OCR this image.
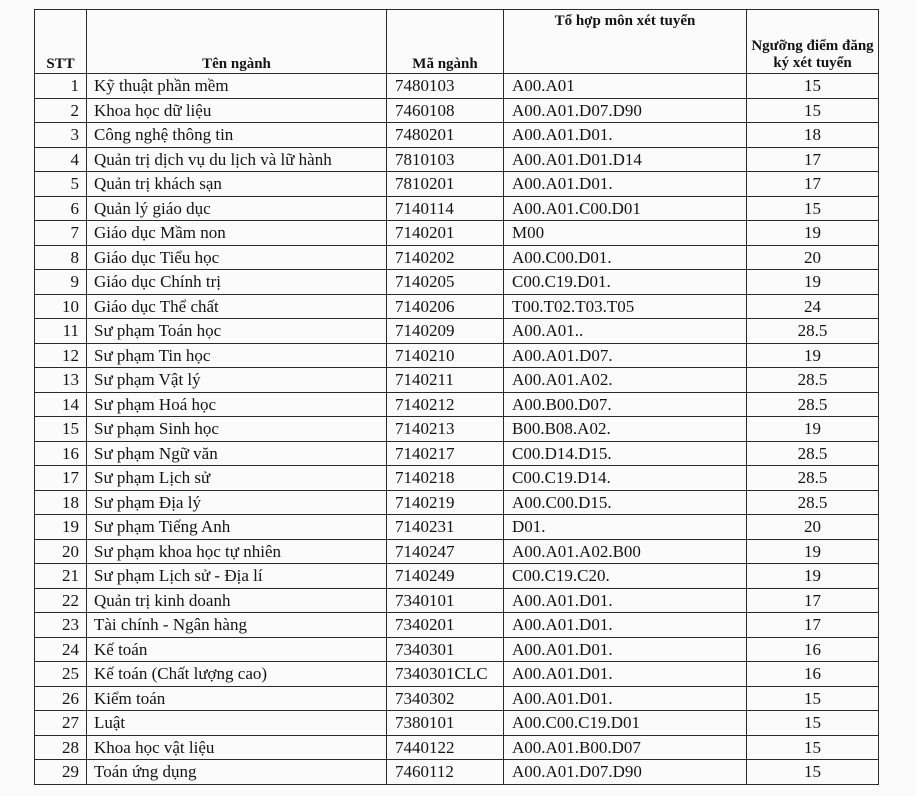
STT	Tên ngành	Mã ngành	Tổ hợp môn xét tuyển	Ngưỡng điểm đăng ký xét tuyển
1	Kỹ thuật phần mềm	7480103	A00.A01	15
2	Khoa học dữ liệu	7460108	A00.A01.D07.D90	15
3	Công nghệ thông tin	7480201	A00.A01.D01.	18
4	Quản trị dịch vụ du lịch và lữ hành	7810103	A00.A01.D01.D14	17
5	Quản trị khách sạn	7810201	A00.A01.D01.	17
6	Quản lý giáo dục	7140114	A00.A01.C00.D01	15
7	Giáo dục Mầm non	7140201	M00	19
8	Giáo dục Tiểu học	7140202	A00.C00.D01.	20
9	Giáo dục Chính trị	7140205	C00.C19.D01.	19
10	Giáo dục Thể chất	7140206	T00.T02.T03.T05	24
11	Sư phạm Toán học	7140209	A00.A01..	28.5
12	Sư phạm Tin học	7140210	A00.A01.D07.	19
13	Sư phạm Vật lý	7140211	A00.A01.A02.	28.5
14	Sư phạm Hoá học	7140212	A00.B00.D07.	28.5
15	Sư phạm Sinh học	7140213	B00.B08.A02.	19
16	Sư phạm Ngữ văn	7140217	C00.D14.D15.	28.5
17	Sư phạm Lịch sử	7140218	C00.C19.D14.	28.5
18	Sư phạm Địa lý	7140219	A00.C00.D15.	28.5
19	Sư phạm Tiếng Anh	7140231	D01.	20
20	Sư phạm khoa học tự nhiên	7140247	A00.A01.A02.B00	19
21	Sư phạm Lịch sử - Địa lí	7140249	C00.C19.C20.	19
22	Quản trị kinh doanh	7340101	A00.A01.D01.	17
23	Tài chính - Ngân hàng	7340201	A00.A01.D01.	17
24	Kế toán	7340301	A00.A01.D01.	16
25	Kế toán (Chất lượng cao)	7340301CLC	A00.A01.D01.	16
26	Kiểm toán	7340302	A00.A01.D01.	15
27	Luật	7380101	A00.C00.C19.D01	15
28	Khoa học vật liệu	7440122	A00.A01.B00.D07	15
29	Toán ứng dụng	7460112	A00.A01.D07.D90	15
